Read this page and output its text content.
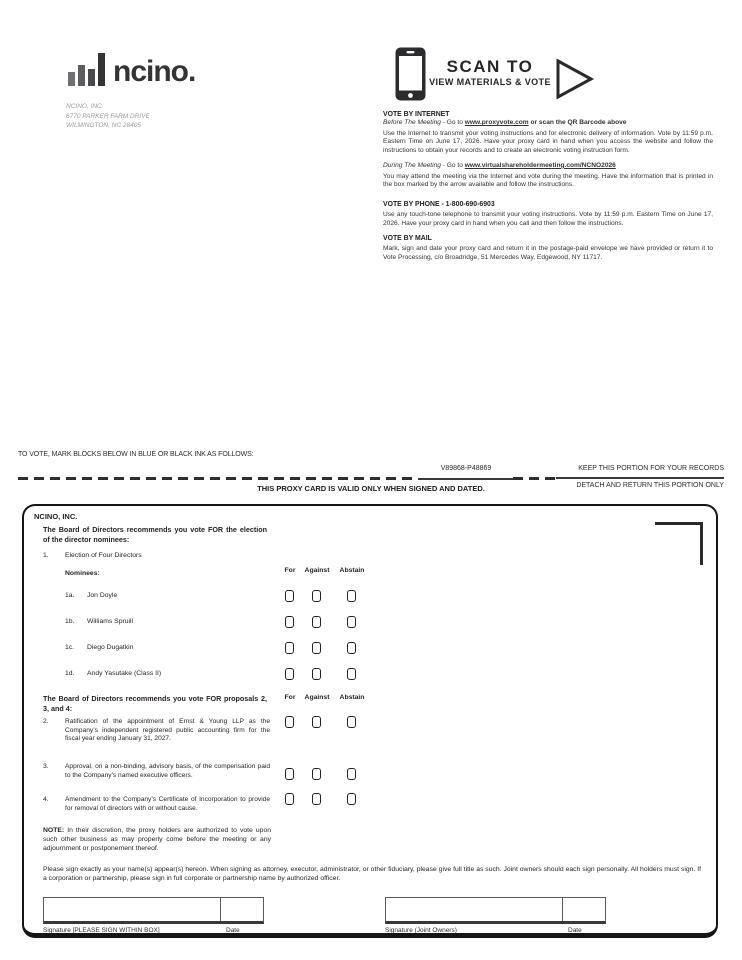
ncino.
NCINO, INC
6770 PARKER FARM DRIVE
WILMINGTON, NC 28405
SCAN TO
VIEW MATERIALS & VOTE
VOTE BY INTERNET
Before The Meeting - Go to www.proxyvote.com or scan the QR Barcode above

Use the Internet to transmit your voting instructions and for electronic delivery of information. Vote by 11:59 p.m. Eastern Time on June 17, 2026. Have your proxy card in hand when you access the website and follow the instructions to obtain your records and to create an electronic voting instruction form.

During The Meeting - Go to www.virtualshareholdermeeting.com/NCNO2026

You may attend the meeting via the Internet and vote during the meeting. Have the information that is printed in the box marked by the arrow available and follow the instructions.

VOTE BY PHONE - 1-800-690-6903

Use any touch-tone telephone to transmit your voting instructions. Vote by 11:59 p.m. Eastern Time on June 17, 2026. Have your proxy card in hand when you call and then follow the instructions.

VOTE BY MAIL

Mark, sign and date your proxy card and return it in the postage-paid envelope we have provided or return it to Vote Processing, c/o Broadridge, 51 Mercedes Way, Edgewood, NY 11717.

TO VOTE, MARK BLOCKS BELOW IN BLUE OR BLACK INK AS FOLLOWS:
V89868-P48869	KEEP THIS PORTION FOR YOUR RECORDS
THIS PROXY CARD IS VALID ONLY WHEN SIGNED AND DATED.	DETACH AND RETURN THIS PORTION ONLY
NCINO, INC.
The Board of Directors recommends you vote FOR the election of the director nominees:
1. Election of Four Directors
Nominees:	For	Against	Abstain
1a. Jon Doyle
1b. Williams Spruill
1c. Diego Dugatkin
1d. Andy Yasutake (Class II)
The Board of Directors recommends you vote FOR proposals 2, 3, and 4:
For	Against	Abstain
2. Ratification of the appointment of Ernst & Young LLP as the Company’s independent registered public accounting firm for the fiscal year ending January 31, 2027.
3. Approval, on a non-binding, advisory basis, of the compensation paid to the Company’s named executive officers.
4. Amendment to the Company’s Certificate of Incorporation to provide for removal of directors with or without cause.
NOTE: In their discretion, the proxy holders are authorized to vote upon such other business as may properly come before the meeting or any adjournment or postponement thereof.
Please sign exactly as your name(s) appear(s) hereon. When signing as attorney, executor, administrator, or other fiduciary, please give full title as such. Joint owners should each sign personally. All holders must sign. If a corporation or partnership, please sign in full corporate or partnership name by authorized officer.
Signature [PLEASE SIGN WITHIN BOX]	Date	Signature (Joint Owners)	Date
